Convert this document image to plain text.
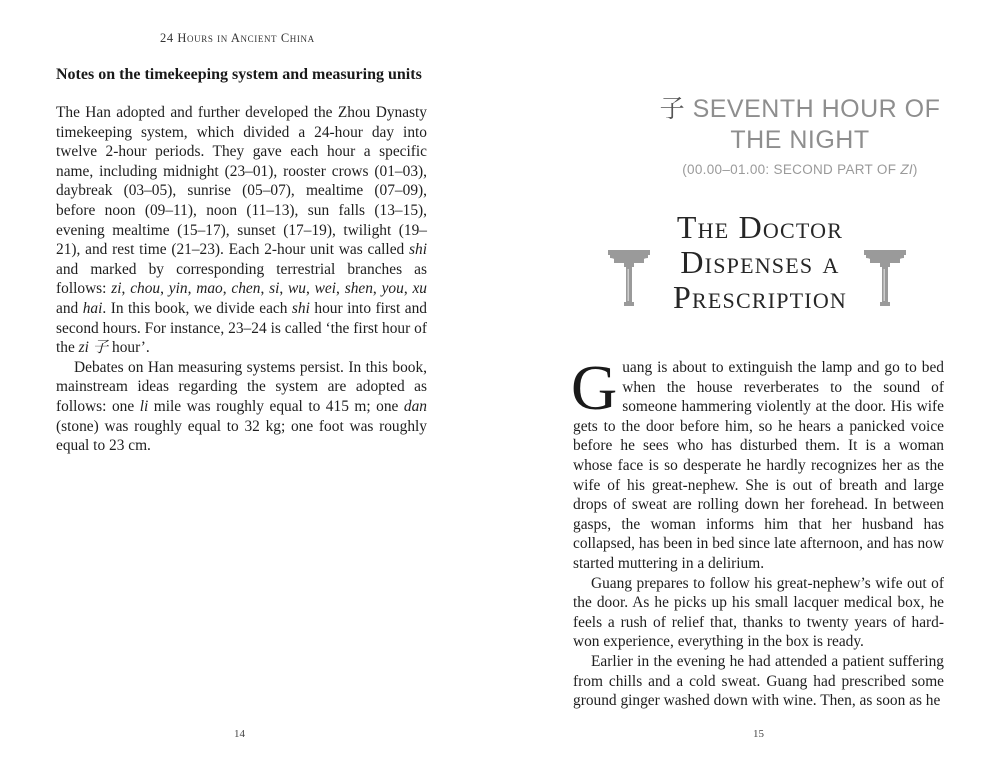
24 Hours in Ancient China
Notes on the timekeeping system and measuring units

The Han adopted and further developed the Zhou Dynasty timekeeping system, which divided a 24-hour day into twelve 2-hour periods. They gave each hour a specific name, including midnight (23–01), rooster crows (01–03), daybreak (03–05), sunrise (05–07), mealtime (07–09), before noon (09–11), noon (11–13), sun falls (13–15), evening mealtime (15–17), sunset (17–19), twilight (19–21), and rest time (21–23). Each 2-hour unit was called shi and marked by corresponding terrestrial branches as follows: zi, chou, yin, mao, chen, si, wu, wei, shen, you, xu and hai. In this book, we divide each shi hour into first and second hours. For instance, 23–24 is called ‘the first hour of the zi 子 hour’.

Debates on Han measuring systems persist. In this book, mainstream ideas regarding the system are adopted as follows: one li mile was roughly equal to 415 m; one dan (stone) was roughly equal to 32 kg; one foot was roughly equal to 23 cm.

14
子 SEVENTH HOUR OF
THE NIGHT
(00.00–01.00: SECOND PART OF ZI)
The Doctor
Dispenses a
Prescription

Guang is about to extinguish the lamp and go to bed when the house reverberates to the sound of someone hammering violently at the door. His wife gets to the door before him, so he hears a panicked voice before he sees who has disturbed them. It is a woman whose face is so desperate he hardly recognizes her as the wife of his great-nephew. She is out of breath and large drops of sweat are rolling down her forehead. In between gasps, the woman informs him that her husband has collapsed, has been in bed since late afternoon, and has now started muttering in a delirium.

Guang prepares to follow his great-nephew’s wife out of the door. As he picks up his small lacquer medical box, he feels a rush of relief that, thanks to twenty years of hard-won experience, everything in the box is ready.

Earlier in the evening he had attended a patient suffering from chills and a cold sweat. Guang had prescribed some ground ginger washed down with wine. Then, as soon as he

15
